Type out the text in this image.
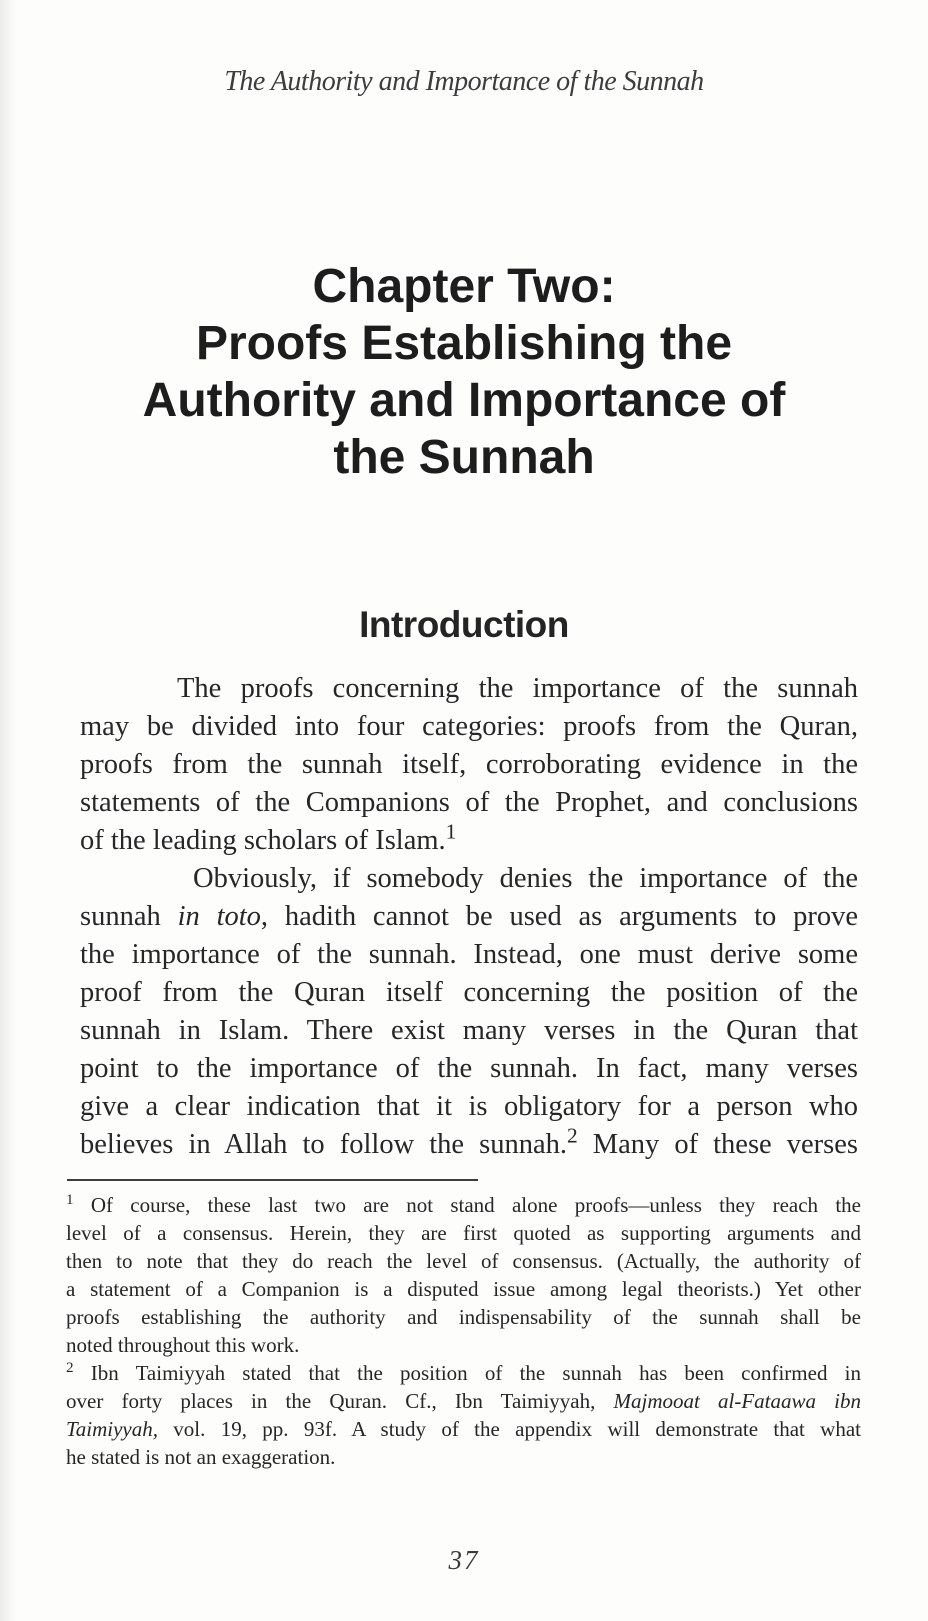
The Authority and Importance of the Sunnah
Chapter Two:
Proofs Establishing the
Authority and Importance of
the Sunnah
Introduction
The proofs concerning the importance of the sunnah
may be divided into four categories: proofs from the Quran,
proofs from the sunnah itself, corroborating evidence in the
statements of the Companions of the Prophet, and conclusions
of the leading scholars of Islam.$^1$
Obviously, if somebody denies the importance of the
sunnah in toto, hadith cannot be used as arguments to prove
the importance of the sunnah. Instead, one must derive some
proof from the Quran itself concerning the position of the
sunnah in Islam. There exist many verses in the Quran that
point to the importance of the sunnah. In fact, many verses
give a clear indication that it is obligatory for a person who
believes in Allah to follow the sunnah.$^2$ Many of these verses
$^1$ Of course, these last two are not stand alone proofs—unless they reach the
level of a consensus. Herein, they are first quoted as supporting arguments and
then to note that they do reach the level of consensus. (Actually, the authority of
a statement of a Companion is a disputed issue among legal theorists.) Yet other
proofs establishing the authority and indispensability of the sunnah shall be
noted throughout this work.
$^2$ Ibn Taimiyyah stated that the position of the sunnah has been confirmed in
over forty places in the Quran. Cf., Ibn Taimiyyah, Majmooat al-Fataawa ibn
Taimiyyah, vol. 19, pp. 93f. A study of the appendix will demonstrate that what
he stated is not an exaggeration.
37
